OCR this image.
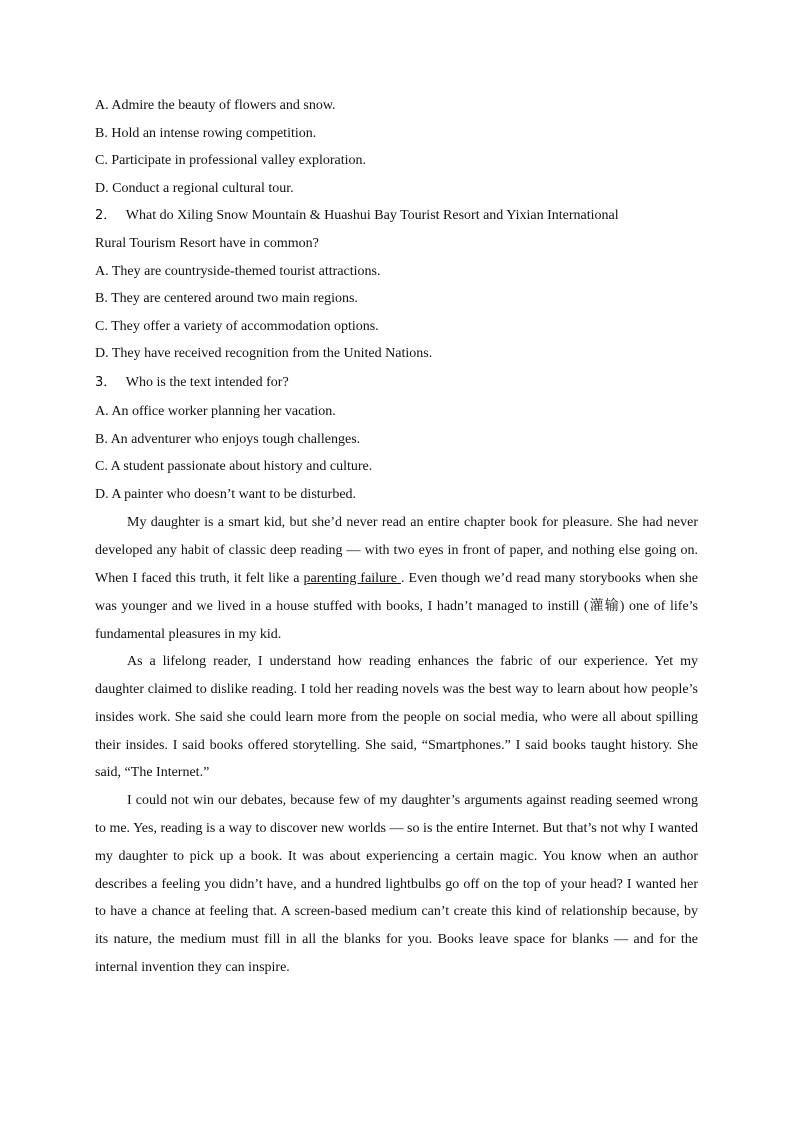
A. Admire the beauty of flowers and snow.

B. Hold an intense rowing competition.

C. Participate in professional valley exploration.

D. Conduct a regional cultural tour.

2． What do Xiling Snow Mountain & Huashui Bay Tourist Resort and Yixian International

Rural Tourism Resort have in common?

A. They are countryside-themed tourist attractions.

B. They are centered around two main regions.

C. They offer a variety of accommodation options.

D. They have received recognition from the United Nations.

3． Who is the text intended for?

A. An office worker planning her vacation.

B. An adventurer who enjoys tough challenges.

C. A student passionate about history and culture.

D. A painter who doesn’t want to be disturbed.

My daughter is a smart kid, but she’d never read an entire chapter book for pleasure. She had never developed any habit of classic deep reading — with two eyes in front of paper, and nothing else going on. When I faced this truth, it felt like a parenting failure . Even though we’d read many storybooks when she was younger and we lived in a house stuffed with books, I hadn’t managed to instill (灌输) one of life’s fundamental pleasures in my kid.

As a lifelong reader, I understand how reading enhances the fabric of our experience. Yet my daughter claimed to dislike reading. I told her reading novels was the best way to learn about how people’s insides work. She said she could learn more from the people on social media, who were all about spilling their insides. I said books offered storytelling. She said, “Smartphones.” I said books taught history. She said, “The Internet.”

I could not win our debates, because few of my daughter’s arguments against reading seemed wrong to me. Yes, reading is a way to discover new worlds — so is the entire Internet. But that’s not why I wanted my daughter to pick up a book. It was about experiencing a certain magic. You know when an author describes a feeling you didn’t have, and a hundred lightbulbs go off on the top of your head? I wanted her to have a chance at feeling that. A screen-based medium can’t create this kind of relationship because, by its nature, the medium must fill in all the blanks for you. Books leave space for blanks — and for the internal invention they can inspire.
